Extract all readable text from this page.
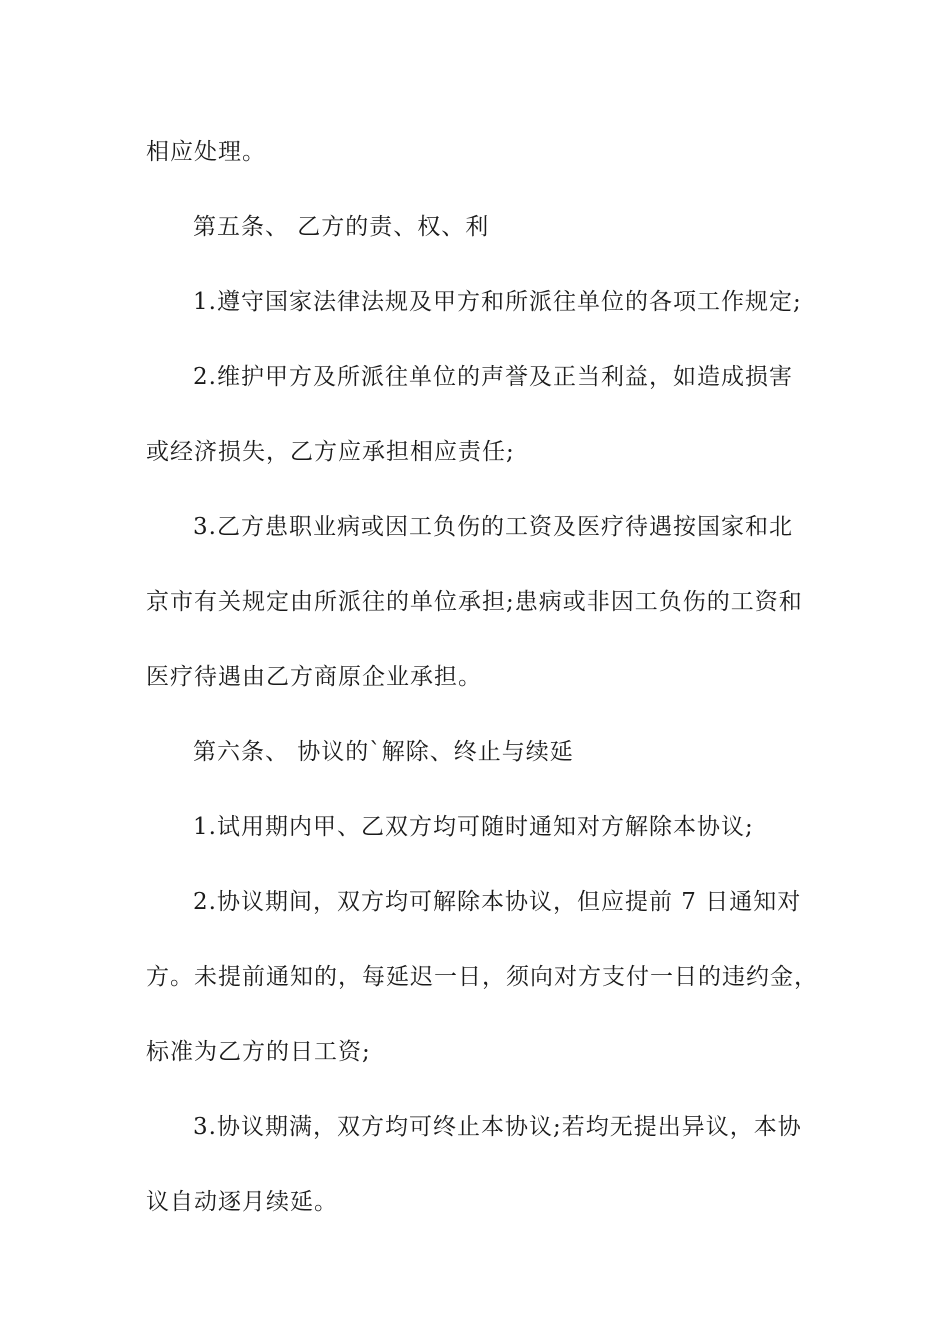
相应处理。
第五条、 乙方的责、权、利
1.遵守国家法律法规及甲方和所派往单位的各项工作规定;
2.维护甲方及所派往单位的声誉及正当利益，如造成损害
或经济损失，乙方应承担相应责任;
3.乙方患职业病或因工负伤的工资及医疗待遇按国家和北
京市有关规定由所派往的单位承担;患病或非因工负伤的工资和
医疗待遇由乙方商原企业承担。
第六条、 协议的`解除、终止与续延
1.试用期内甲、乙双方均可随时通知对方解除本协议;
2.协议期间，双方均可解除本协议，但应提前 7 日通知对
方。未提前通知的，每延迟一日，须向对方支付一日的违约金，
标准为乙方的日工资;
3.协议期满，双方均可终止本协议;若均无提出异议，本协
议自动逐月续延。
